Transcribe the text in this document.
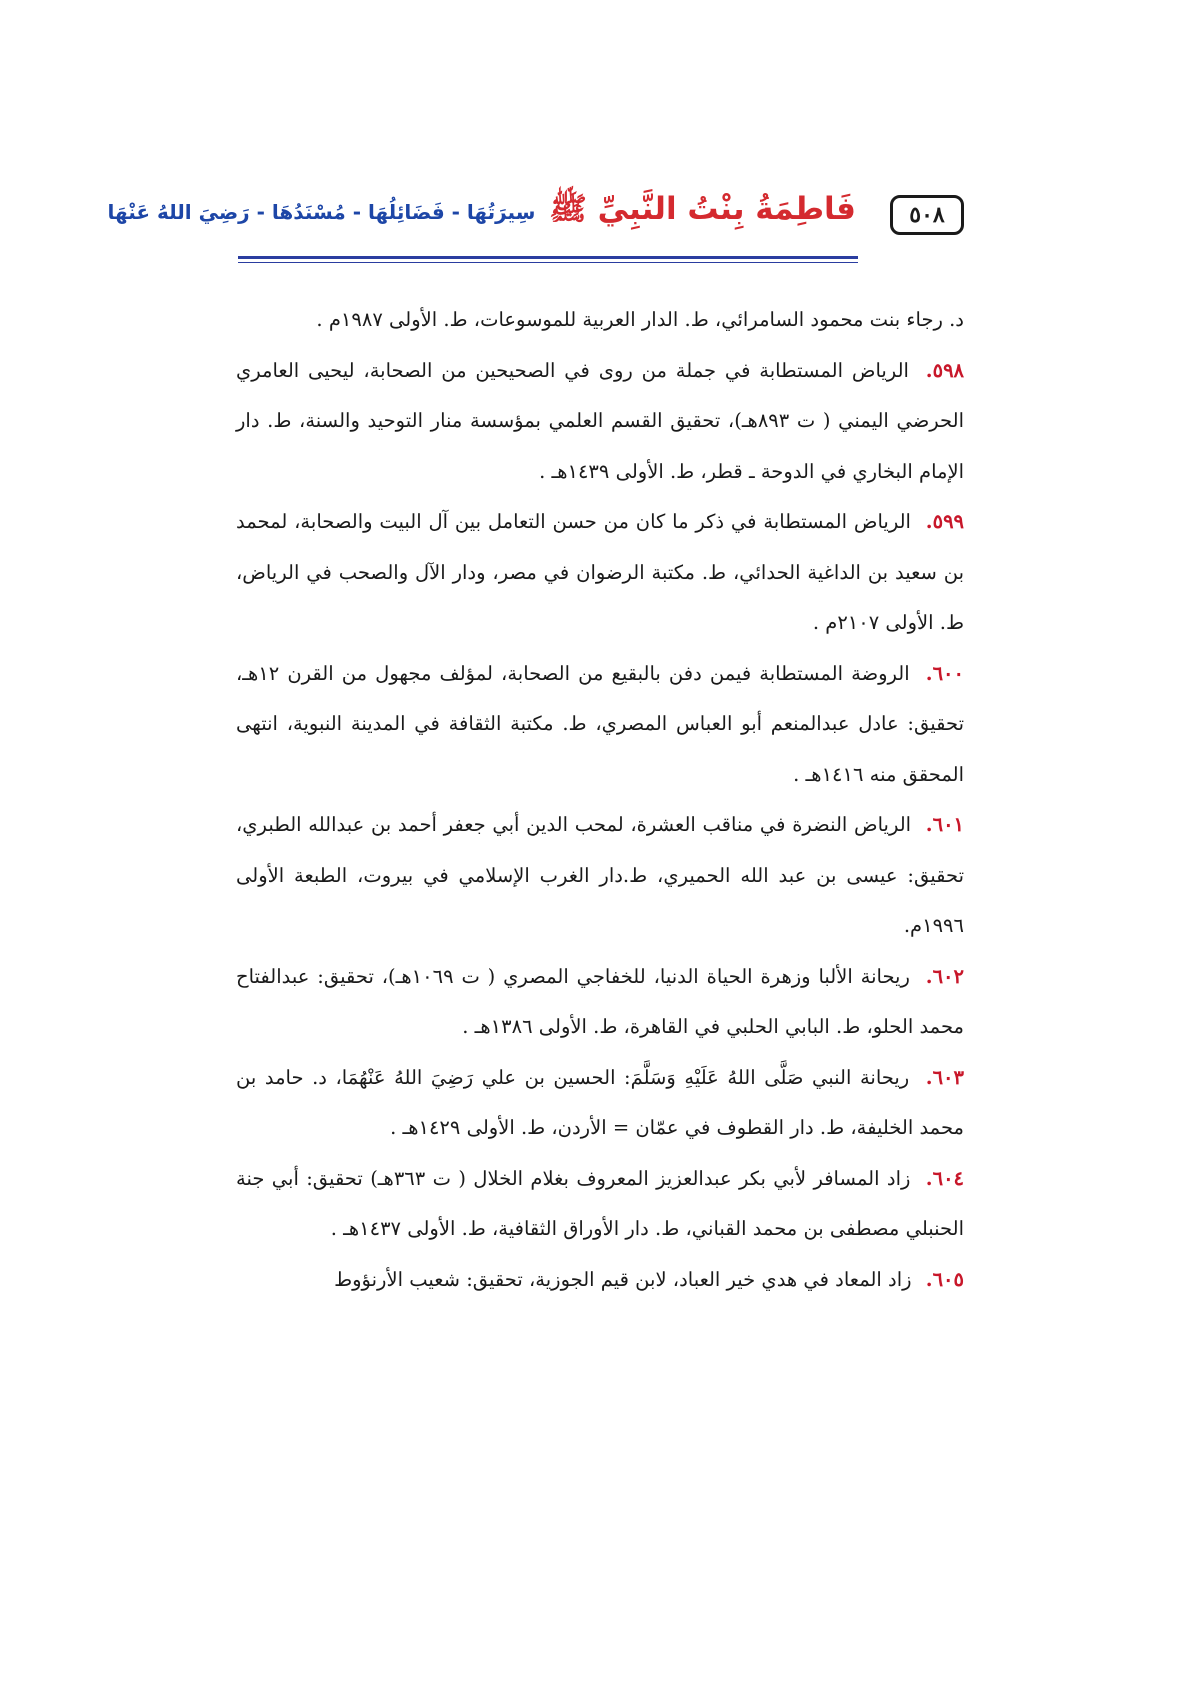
٥٠٨
فَاطِمَةُ بِنْتُ النَّبِيِّ ﷺ
سِيرَتُهَا - فَضَائِلُهَا - مُسْنَدُهَا - رَضِيَ اللهُ عَنْهَا

د. رجاء بنت محمود السامرائي، ط. الدار العربية للموسوعات، ط. الأولى ١٩٨٧م .

٥٩٨. الرياض المستطابة في جملة من روى في الصحيحين من الصحابة، ليحيى العامري الحرضي اليمني ( ت ٨٩٣هـ)، تحقيق القسم العلمي بمؤسسة منار التوحيد والسنة، ط. دار الإمام البخاري في الدوحة ـ قطر، ط. الأولى ١٤٣٩هـ .

٥٩٩. الرياض المستطابة في ذكر ما كان من حسن التعامل بين آل البيت والصحابة، لمحمد بن سعيد بن الداغية الحدائي، ط. مكتبة الرضوان في مصر، ودار الآل والصحب في الرياض، ط. الأولى ٢١٠٧م .

٦٠٠. الروضة المستطابة فيمن دفن بالبقيع من الصحابة، لمؤلف مجهول من القرن ١٢هـ، تحقيق: عادل عبدالمنعم أبو العباس المصري، ط. مكتبة الثقافة في المدينة النبوية، انتهى المحقق منه ١٤١٦هـ .

٦٠١. الرياض النضرة في مناقب العشرة، لمحب الدين أبي جعفر أحمد بن عبدالله الطبري، تحقيق: عيسى بن عبد الله الحميري، ط.دار الغرب الإسلامي في بيروت، الطبعة الأولى ١٩٩٦م.

٦٠٢. ريحانة الألبا وزهرة الحياة الدنيا، للخفاجي المصري ( ت ١٠٦٩هـ)، تحقيق: عبدالفتاح محمد الحلو، ط. البابي الحلبي في القاهرة، ط. الأولى ١٣٨٦هـ .

٦٠٣. ريحانة النبي صَلَّى اللهُ عَلَيْهِ وَسَلَّمَ: الحسين بن علي رَضِيَ اللهُ عَنْهُمَا، د. حامد بن محمد الخليفة، ط. دار القطوف في عمّان = الأردن، ط. الأولى ١٤٢٩هـ .

٦٠٤. زاد المسافر لأبي بكر عبدالعزيز المعروف بغلام الخلال ( ت ٣٦٣هـ) تحقيق: أبي جنة الحنبلي مصطفى بن محمد القباني، ط. دار الأوراق الثقافية، ط. الأولى ١٤٣٧هـ .

٦٠٥. زاد المعاد في هدي خير العباد، لابن قيم الجوزية، تحقيق: شعيب الأرنؤوط
